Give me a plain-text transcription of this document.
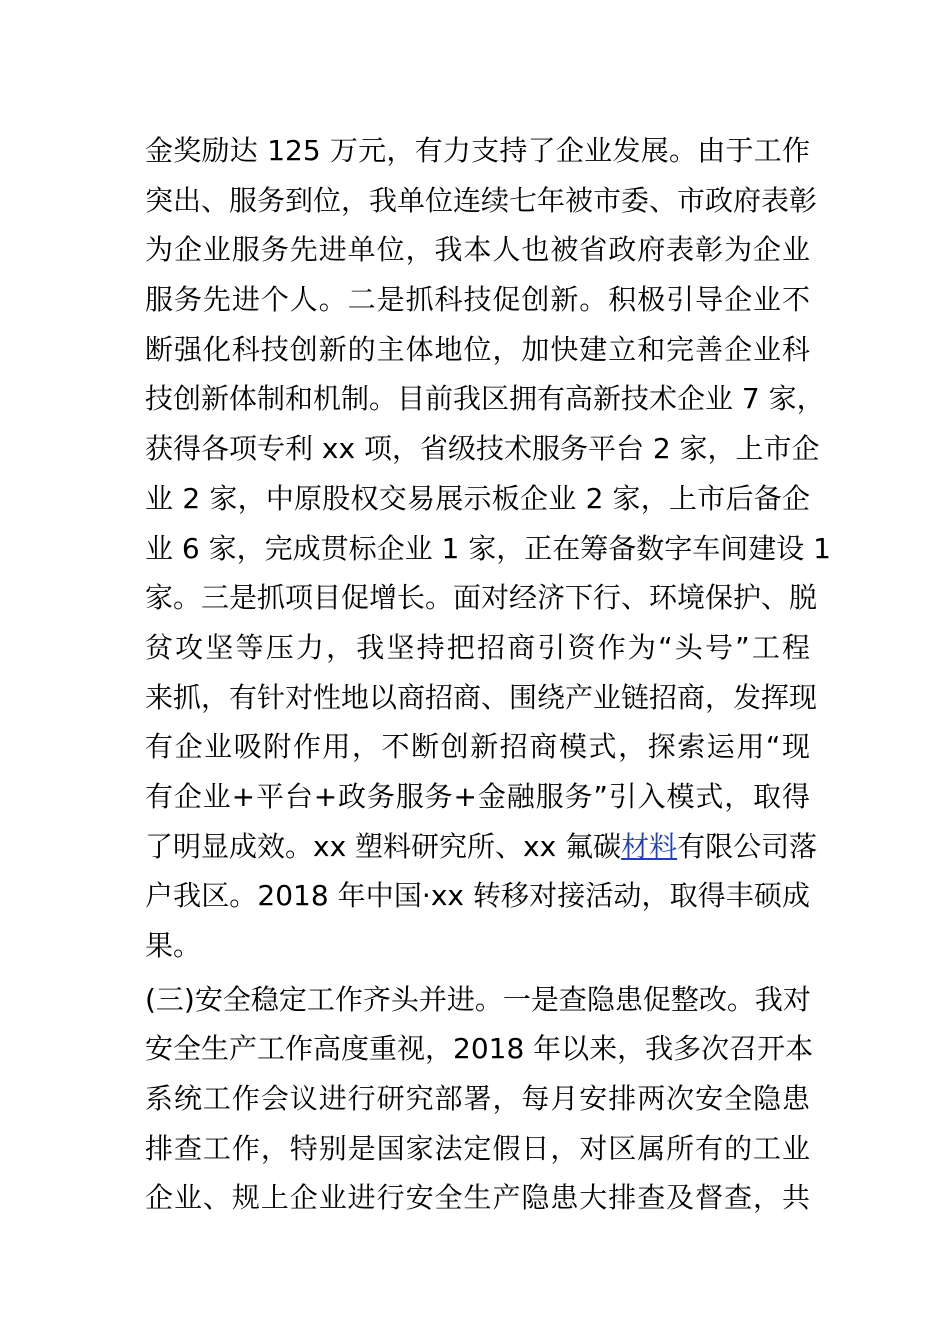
金奖励达 125 万元，有力支持了企业发展。由于工作
突出、服务到位，我单位连续七年被市委、市政府表彰
为企业服务先进单位，我本人也被省政府表彰为企业
服务先进个人。二是抓科技促创新。积极引导企业不
断强化科技创新的主体地位，加快建立和完善企业科
技创新体制和机制。目前我区拥有高新技术企业 7 家，
获得各项专利 xx 项，省级技术服务平台 2 家，上市企
业 2 家，中原股权交易展示板企业 2 家，上市后备企
业 6 家，完成贯标企业 1 家，正在筹备数字车间建设 1
家。三是抓项目促增长。面对经济下行、环境保护、脱
贫攻坚等压力，我坚持把招商引资作为“头号”工程
来抓，有针对性地以商招商、围绕产业链招商，发挥现
有企业吸附作用，不断创新招商模式，探索运用“现
有企业+平台+政务服务+金融服务”引入模式，取得
了明显成效。xx 塑料研究所、xx 氟碳材料有限公司落
户我区。2018 年中国·xx 转移对接活动，取得丰硕成
果。
(三)安全稳定工作齐头并进。一是查隐患促整改。我对
安全生产工作高度重视，2018 年以来，我多次召开本
系统工作会议进行研究部署，每月安排两次安全隐患
排查工作，特别是国家法定假日，对区属所有的工业
企业、规上企业进行安全生产隐患大排查及督查，共
